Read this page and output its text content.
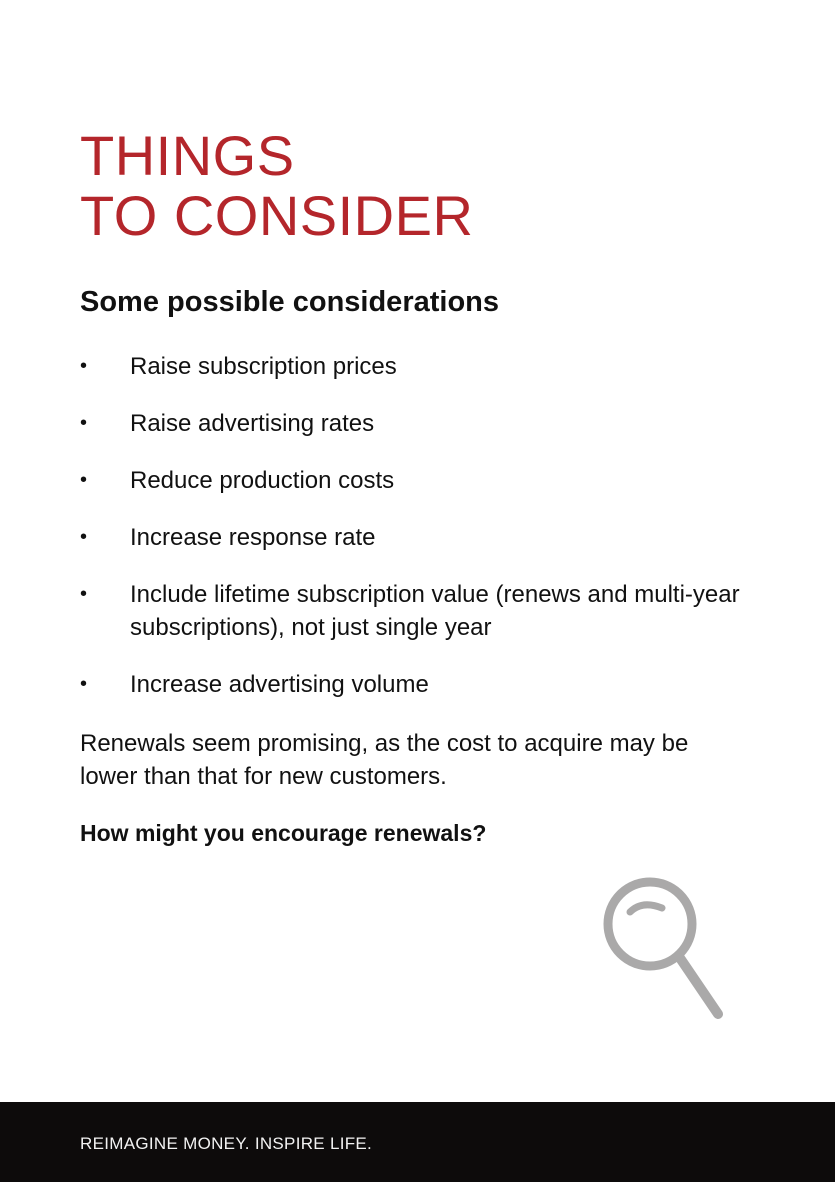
THINGS
TO CONSIDER
Some possible considerations
• Raise subscription prices
• Raise advertising rates
• Reduce production costs
• Increase response rate
• Include lifetime subscription value (renews and multi-year subscriptions), not just single year
• Increase advertising volume

Renewals seem promising, as the cost to acquire may be lower than that for new customers.

How might you encourage renewals?

REIMAGINE MONEY. INSPIRE LIFE.
